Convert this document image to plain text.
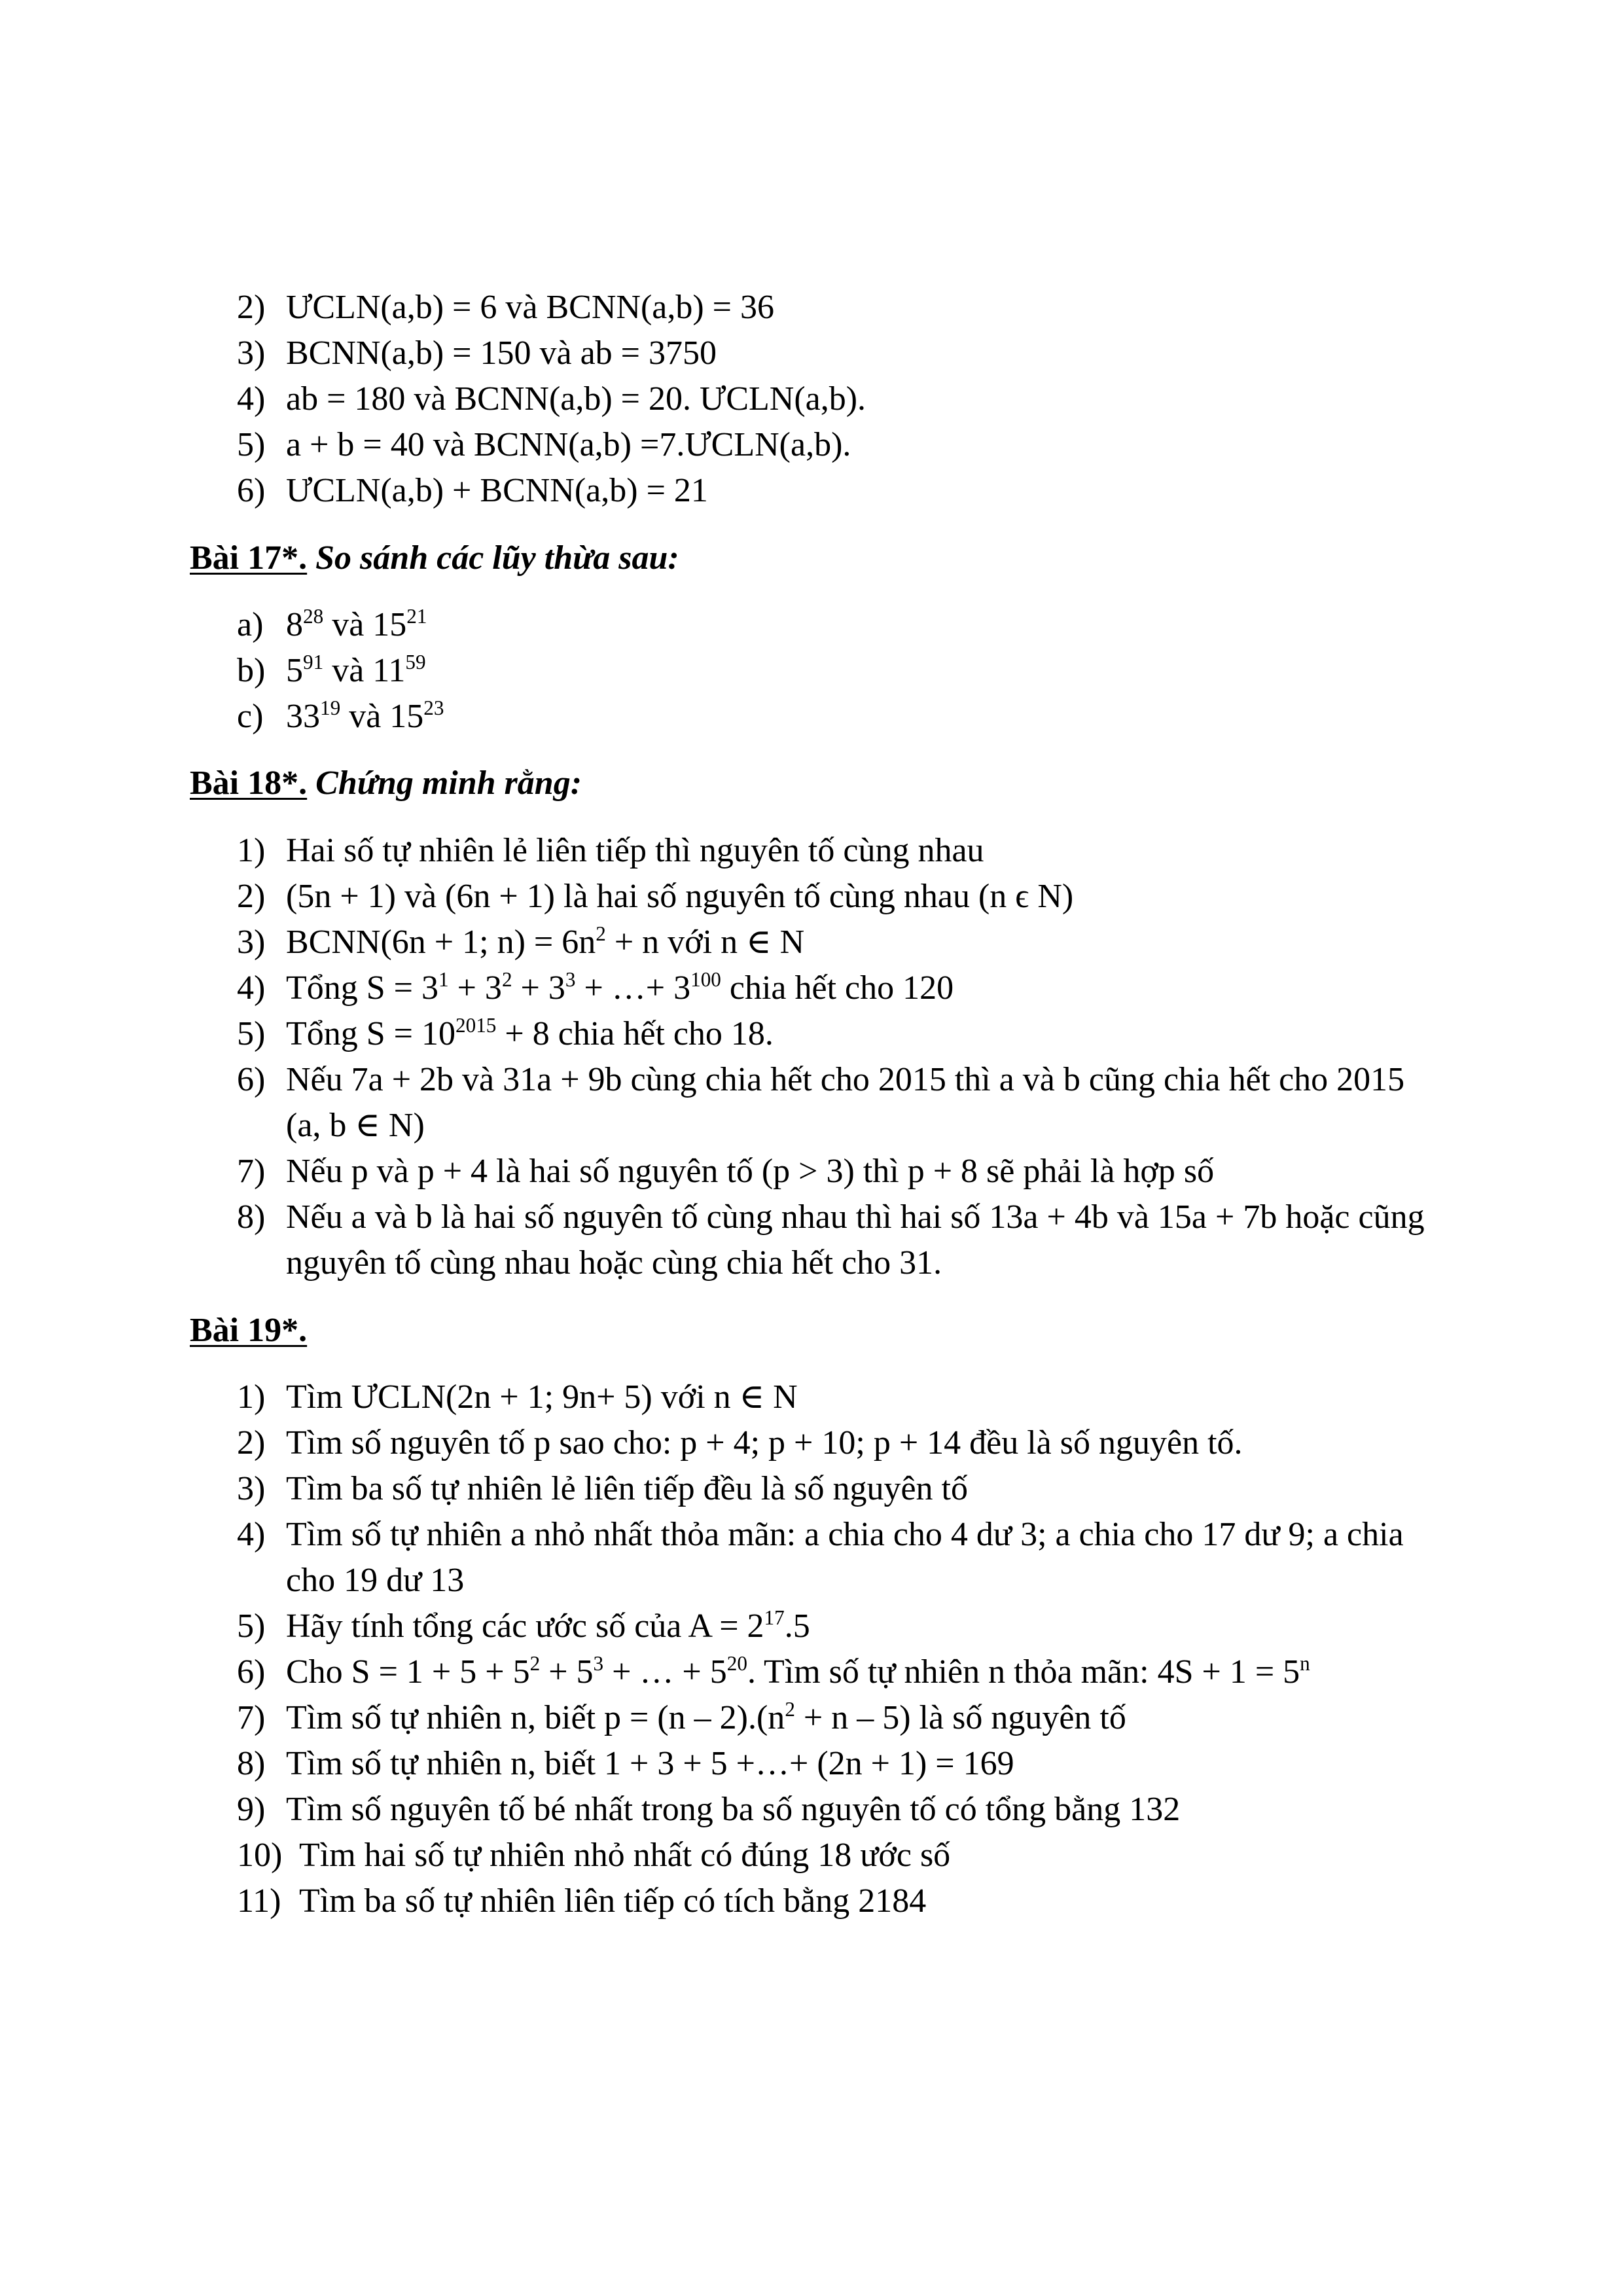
2) ƯCLN(a,b) = 6 và BCNN(a,b) = 36
3) BCNN(a,b) = 150 và ab = 3750
4) ab = 180 và BCNN(a,b) = 20. ƯCLN(a,b).
5) a + b = 40 và BCNN(a,b) =7.ƯCLN(a,b).
6) ƯCLN(a,b) + BCNN(a,b) = 21
Bài 17*. So sánh các lũy thừa sau:
a) $8^{28}$ và $15^{21}$
b) $5^{91}$ và $11^{59}$
c) $33^{19}$ và $15^{23}$
Bài 18*. Chứng minh rằng:
1) Hai số tự nhiên lẻ liên tiếp thì nguyên tố cùng nhau
2) (5n + 1) và (6n + 1) là hai số nguyên tố cùng nhau (n ϵ N)
3) BCNN(6n + 1; $n) = 6n^2 + n$ với n ∈ N
4) Tổng $S = 3^1 + 3^2 + 3^3$ + …+ $3^{100}$ chia hết cho 120
5) Tổng $S = 10^{2015} + 8$ chia hết cho 18.
6) Nếu 7a + 2b và 31a + 9b cùng chia hết cho 2015 thì a và b cũng chia hết cho 2015 (a, b ∈ N)
7) Nếu p và p + 4 là hai số nguyên tố (p > 3) thì p + 8 sẽ phải là hợp số
8) Nếu a và b là hai số nguyên tố cùng nhau thì hai số 13a + 4b và 15a + 7b hoặc cũng nguyên tố cùng nhau hoặc cùng chia hết cho 31.
Bài 19*.
1) Tìm ƯCLN(2n + 1; 9n+ 5) với n ∈ N
2) Tìm số nguyên tố p sao cho: p + 4; p + 10; p + 14 đều là số nguyên tố.
3) Tìm ba số tự nhiên lẻ liên tiếp đều là số nguyên tố
4) Tìm số tự nhiên a nhỏ nhất thỏa mãn: a chia cho 4 dư 3; a chia cho 17 dư 9; a chia cho 19 dư 13
5) Hãy tính tổng các ước số của $A = 2^{17}.5$
6) Cho $S = 1 + 5 + 5^2 + 5^3$ + … + $5^{20}$. Tìm số tự nhiên n thỏa mãn: $4S + 1 = 5^n$
7) Tìm số tự nhiên n, biết $p = (n - 2).(n^2 + n - 5)$ là số nguyên tố
8) Tìm số tự nhiên n, biết 1 + 3 + 5 +…+ (2n + 1) = 169
9) Tìm số nguyên tố bé nhất trong ba số nguyên tố có tổng bằng 132
10) Tìm hai số tự nhiên nhỏ nhất có đúng 18 ước số
11) Tìm ba số tự nhiên liên tiếp có tích bằng 2184
